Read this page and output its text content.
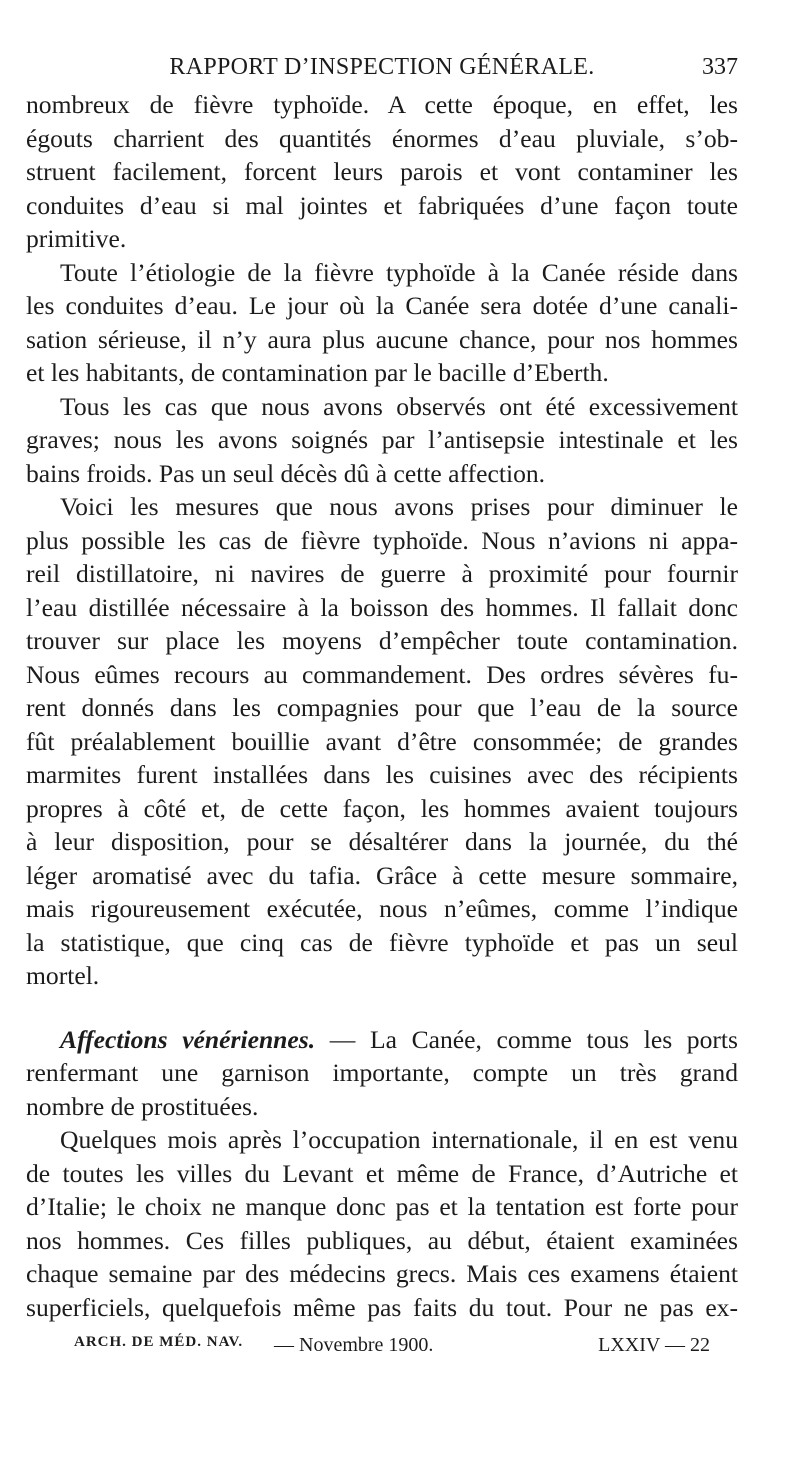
RAPPORT D’INSPECTION GÉNÉRALE.	337
nombreux de fièvre typhoïde. A cette époque, en effet, les
égouts charrient des quantités énormes d’eau pluviale, s’ob-
struent facilement, forcent leurs parois et vont contaminer les
conduites d’eau si mal jointes et fabriquées d’une façon toute
primitive.
Toute l’étiologie de la fièvre typhoïde à la Canée réside dans
les conduites d’eau. Le jour où la Canée sera dotée d’une canali-
sation sérieuse, il n’y aura plus aucune chance, pour nos hommes
et les habitants, de contamination par le bacille d’Eberth.
Tous les cas que nous avons observés ont été excessivement
graves; nous les avons soignés par l’antisepsie intestinale et les
bains froids. Pas un seul décès dû à cette affection.
Voici les mesures que nous avons prises pour diminuer le
plus possible les cas de fièvre typhoïde. Nous n’avions ni appa-
reil distillatoire, ni navires de guerre à proximité pour fournir
l’eau distillée nécessaire à la boisson des hommes. Il fallait donc
trouver sur place les moyens d’empêcher toute contamination.
Nous eûmes recours au commandement. Des ordres sévères fu-
rent donnés dans les compagnies pour que l’eau de la source
fût préalablement bouillie avant d’être consommée; de grandes
marmites furent installées dans les cuisines avec des récipients
propres à côté et, de cette façon, les hommes avaient toujours
à leur disposition, pour se désaltérer dans la journée, du thé
léger aromatisé avec du tafia. Grâce à cette mesure sommaire,
mais rigoureusement exécutée, nous n’eûmes, comme l’indique
la statistique, que cinq cas de fièvre typhoïde et pas un seul
mortel.
Affections vénériennes. — La Canée, comme tous les ports
renfermant une garnison importante, compte un très grand
nombre de prostituées.
Quelques mois après l’occupation internationale, il en est venu
de toutes les villes du Levant et même de France, d’Autriche et
d’Italie; le choix ne manque donc pas et la tentation est forte pour
nos hommes. Ces filles publiques, au début, étaient examinées
chaque semaine par des médecins grecs. Mais ces examens étaient
superficiels, quelquefois même pas faits du tout. Pour ne pas ex-
ARCH. DE MÉD. NAV. — Novembre 1900.	LXXIV — 22
